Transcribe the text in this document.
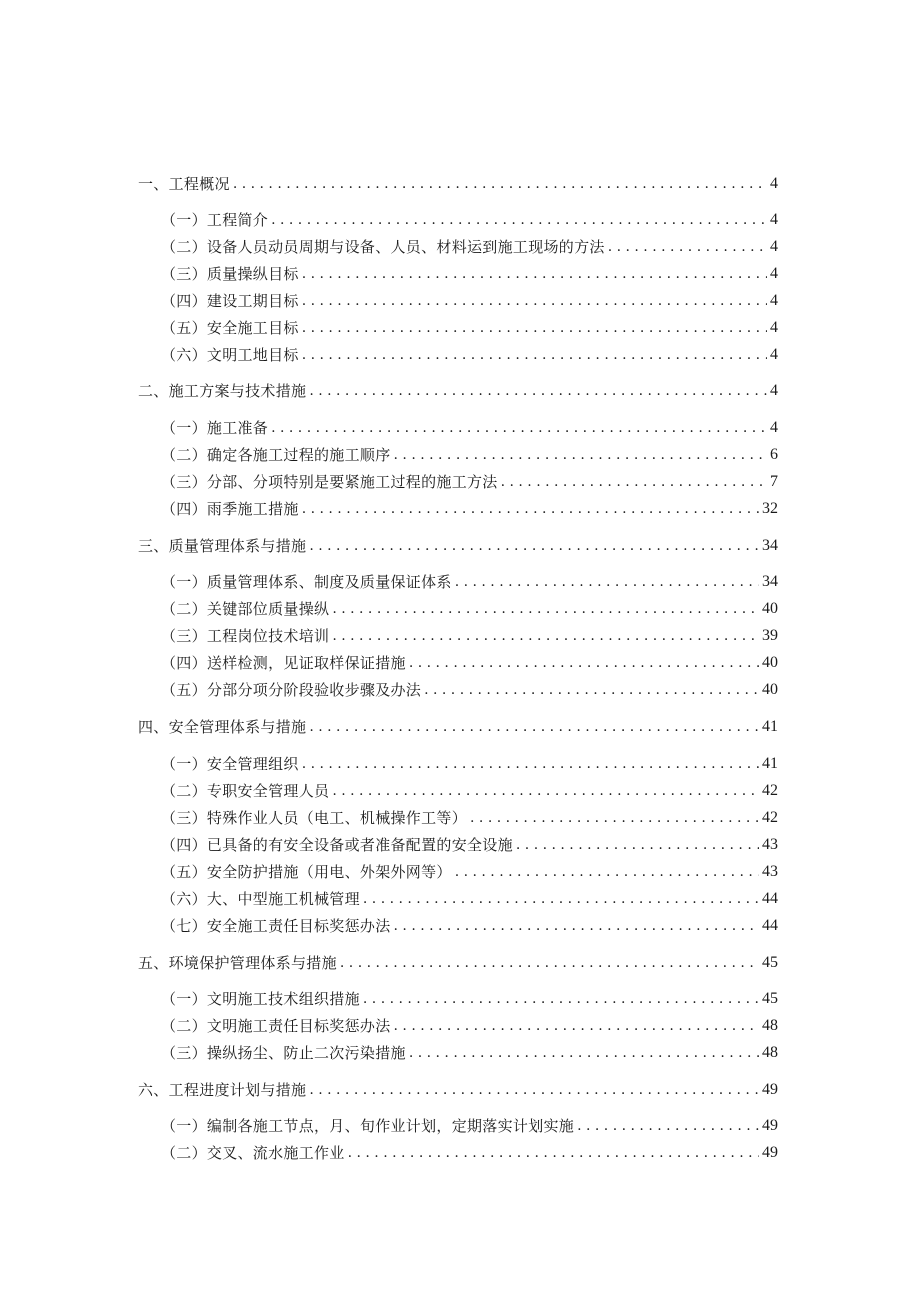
一、工程概况 . . .	4
（一）工程简介 . . .	4
（二）设备人员动员周期与设备、人员、材料运到施工现场的方法 . . .	4
（三）质量操纵目标 . . .	4
（四）建设工期目标 . . .	4
（五）安全施工目标 . . .	4
（六）文明工地目标 . . .	4
二、施工方案与技术措施 . . .	4
（一）施工准备 . . .	4
（二）确定各施工过程的施工顺序 . . .	6
（三）分部、分项特别是要紧施工过程的施工方法 . . .	7
（四）雨季施工措施 . . .	32
三、质量管理体系与措施 . . .	34
（一）质量管理体系、制度及质量保证体系 . . .	34
（二）关键部位质量操纵 . . .	40
（三）工程岗位技术培训 . . .	39
（四）送样检测，见证取样保证措施 . . .	40
（五）分部分项分阶段验收步骤及办法 . . .	40
四、安全管理体系与措施 . . .	41
（一）安全管理组织 . . .	41
（二）专职安全管理人员 . . .	42
（三）特殊作业人员（电工、机械操作工等） . . .	42
（四）已具备的有安全设备或者准备配置的安全设施 . . .	43
（五）安全防护措施（用电、外架外网等） . . .	43
（六）大、中型施工机械管理 . . .	44
（七）安全施工责任目标奖惩办法 . . .	44
五、环境保护管理体系与措施 . . .	45
（一）文明施工技术组织措施 . . .	45
（二）文明施工责任目标奖惩办法 . . .	48
（三）操纵扬尘、防止二次污染措施 . . .	48
六、工程进度计划与措施 . . .	49
（一）编制各施工节点，月、旬作业计划，定期落实计划实施 . . .	49
（二）交叉、流水施工作业 . . .	49
